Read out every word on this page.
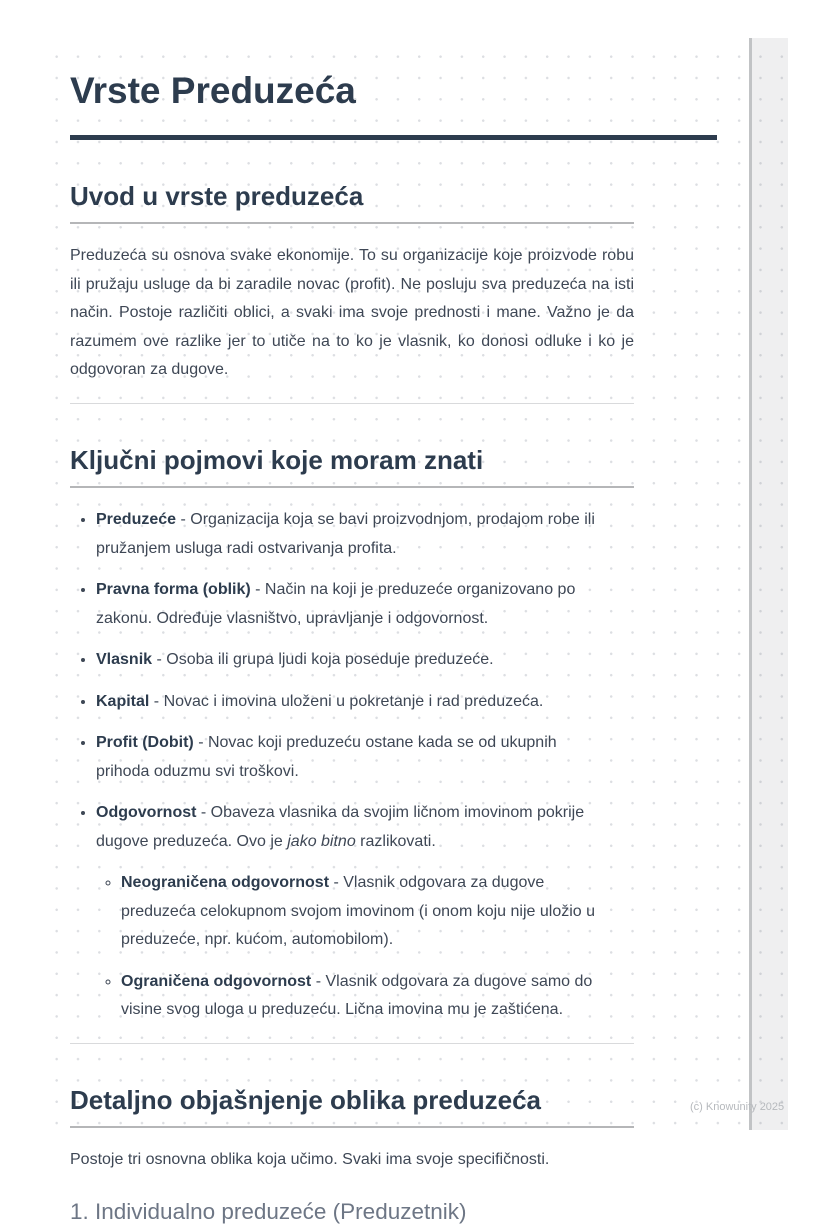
Vrste Preduzeća
Uvod u vrste preduzeća

Preduzeća su osnova svake ekonomije. To su organizacije koje proizvode robu ili pružaju usluge da bi zaradile novac (profit). Ne posluju sva preduzeća na isti način. Postoje različiti oblici, a svaki ima svoje prednosti i mane. Važno je da razumem ove razlike jer to utiče na to ko je vlasnik, ko donosi odluke i ko je odgovoran za dugove.

Ključni pojmovi koje moram znati
• Preduzeće - Organizacija koja se bavi proizvodnjom, prodajom robe ili pružanjem usluga radi ostvarivanja profita.
• Pravna forma (oblik) - Način na koji je preduzeće organizovano po zakonu. Određuje vlasništvo, upravljanje i odgovornost.
• Vlasnik - Osoba ili grupa ljudi koja poseduje preduzeće.
• Kapital - Novac i imovina uloženi u pokretanje i rad preduzeća.
• Profit (Dobit) - Novac koji preduzeću ostane kada se od ukupnih prihoda oduzmu svi troškovi.
• Odgovornost - Obaveza vlasnika da svojim ličnom imovinom pokrije dugove preduzeća. Ovo je jako bitno razlikovati.
◦ Neograničena odgovornost - Vlasnik odgovara za dugove preduzeća celokupnom svojom imovinom (i onom koju nije uložio u preduzeće, npr. kućom, automobilom).
◦ Ograničena odgovornost - Vlasnik odgovara za dugove samo do visine svog uloga u preduzeću. Lična imovina mu je zaštićena.
Detaljno objašnjenje oblika preduzeća

Postoje tri osnovna oblika koja učimo. Svaki ima svoje specifičnosti.

1. Individualno preduzeće (Preduzetnik)
(c) Knowunity 2025
